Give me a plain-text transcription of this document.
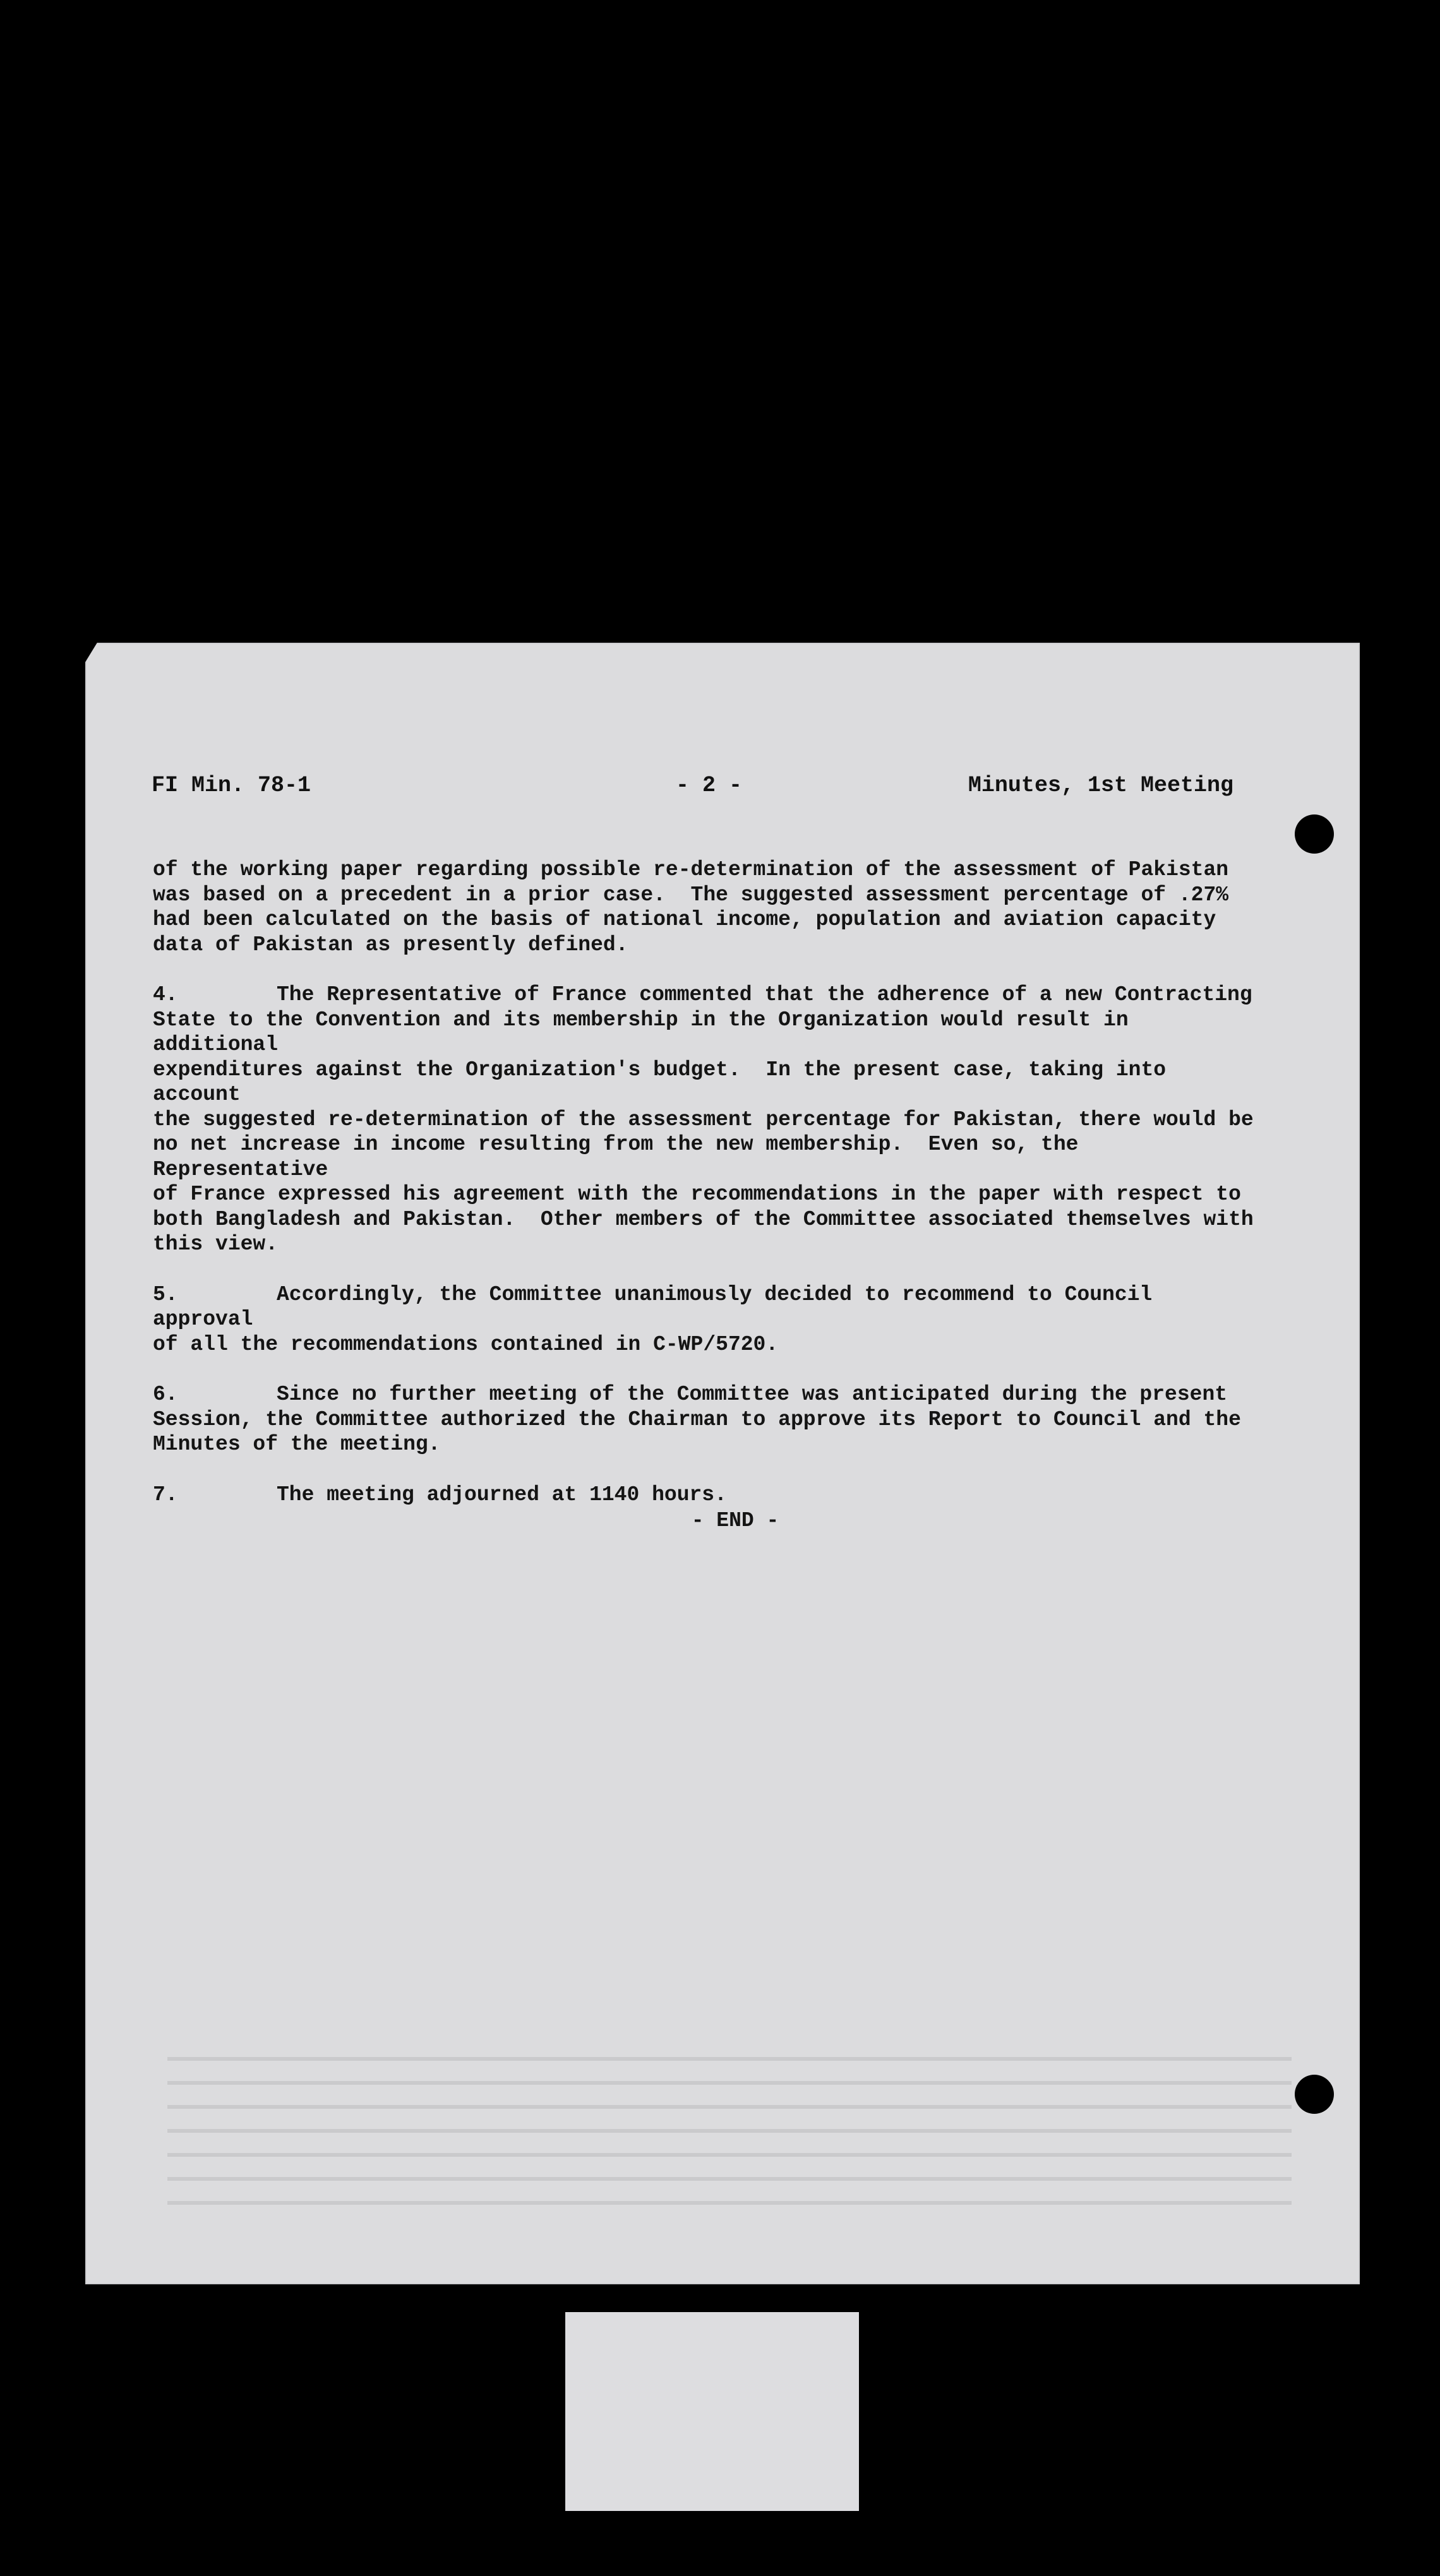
FI Min. 78-1	- 2 -	Minutes, 1st Meeting

of the working paper regarding possible re-determination of the assessment of Pakistan
was based on a precedent in a prior case.  The suggested assessment percentage of .27%
had been calculated on the basis of national income, population and aviation capacity
data of Pakistan as presently defined.

4.	The Representative of France commented that the adherence of a new Contracting
State to the Convention and its membership in the Organization would result in additional
expenditures against the Organization's budget.  In the present case, taking into account
the suggested re-determination of the assessment percentage for Pakistan, there would be
no net increase in income resulting from the new membership.  Even so, the Representative
of France expressed his agreement with the recommendations in the paper with respect to
both Bangladesh and Pakistan.  Other members of the Committee associated themselves with
this view.

5.	Accordingly, the Committee unanimously decided to recommend to Council approval
of all the recommendations contained in C-WP/5720.

6.	Since no further meeting of the Committee was anticipated during the present
Session, the Committee authorized the Chairman to approve its Report to Council and the
Minutes of the meeting.

7.	The meeting adjourned at 1140 hours.

- END -
